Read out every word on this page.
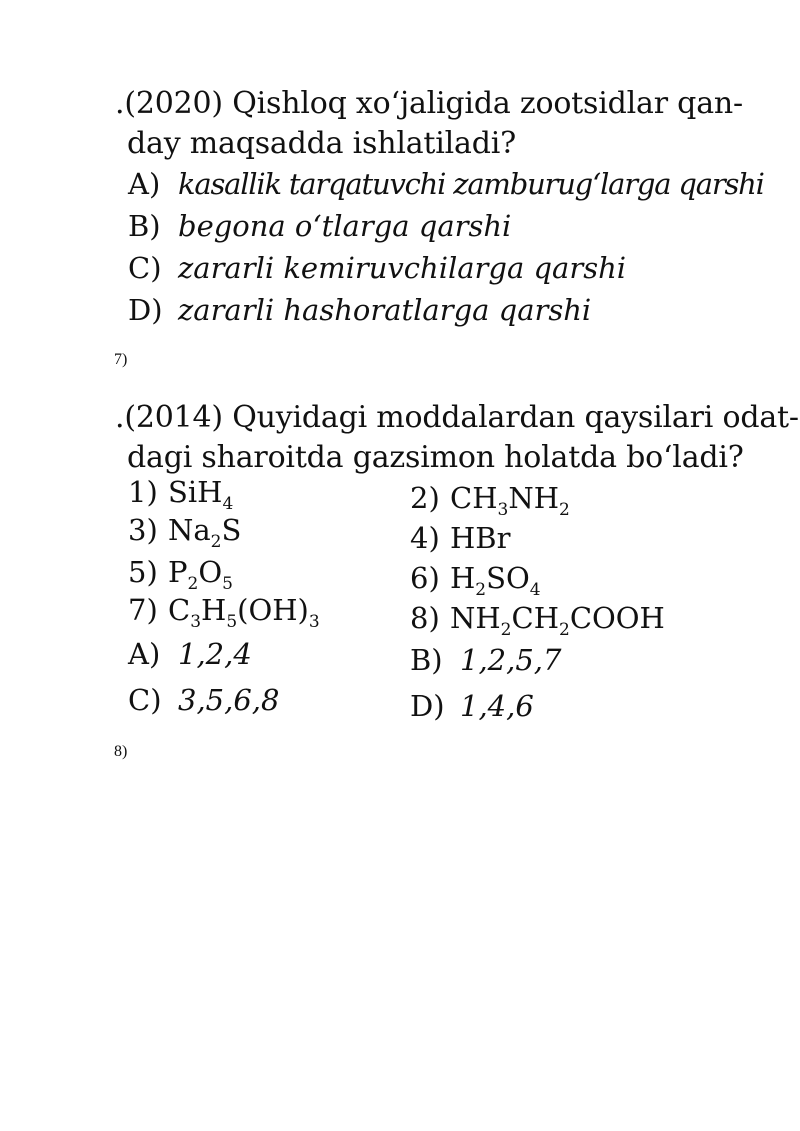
.(2020) Qishloq xo‘jaligida zootsidlar qan-
day maqsadda ishlatiladi?
A) kasallik tarqatuvchi zamburug‘larga qarshi
B) begona o‘tlarga qarshi
C) zararli kemiruvchilarga qarshi
D) zararli hashoratlarga qarshi
7)
.(2014) Quyidagi moddalardan qaysilari odat-
dagi sharoitda gazsimon holatda bo‘ladi?
1) SiH$_4$	2) $CH_3NH_2$
3) $Na_2S$	4) HBr
5) $P_2O_5$	6) $H_2SO_4$
7) $C_3H_5(OH)_3$	8) $NH_2CH_2COOH$
A) 1,2,4	B) 1,2,5,7
C) 3,5,6,8	D) 1,4,6
8)
